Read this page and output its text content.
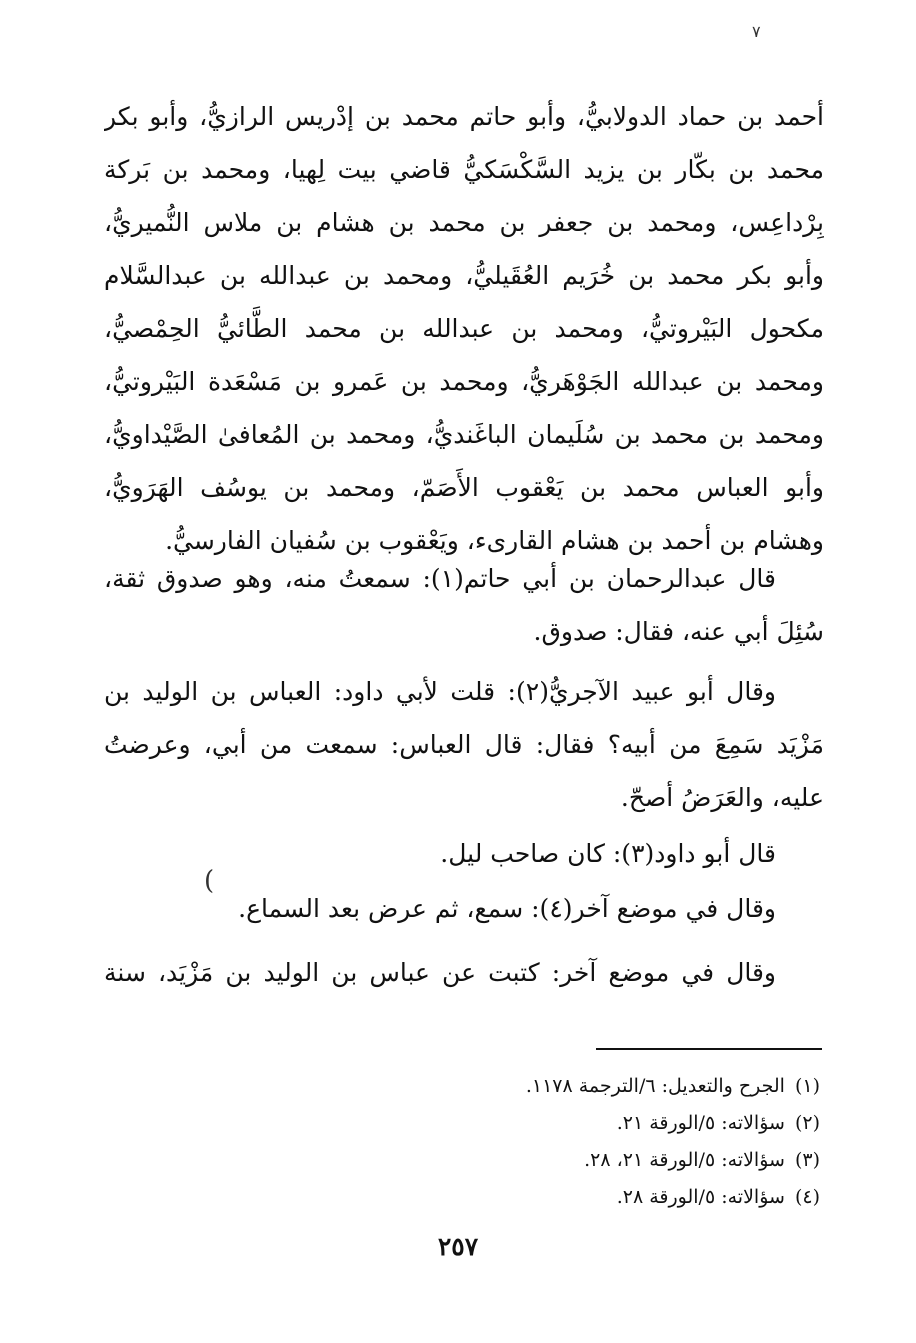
٧
أحمد بن حماد الدولابيُّ، وأبو حاتم محمد بن إدْريس الرازيُّ، وأبو بكر
محمد بن بكّار بن يزيد السَّكْسَكيُّ قاضي بيت لِهيا، ومحمد بن بَركة
بِرْداعِس، ومحمد بن جعفر بن محمد بن هشام بن ملاس النُّميريُّ،
وأبو بكر محمد بن خُرَيم العُقَيليُّ، ومحمد بن عبدالله بن عبدالسَّلام
مكحول البَيْروتيُّ، ومحمد بن عبدالله بن محمد الطَّائيُّ الحِمْصيُّ،
ومحمد بن عبدالله الجَوْهَريُّ، ومحمد بن عَمرو بن مَسْعَدة البَيْروتيُّ،
ومحمد بن محمد بن سُلَيمان الباغَنديُّ، ومحمد بن المُعافىٰ الصَّيْداويُّ،
وأبو العباس محمد بن يَعْقوب الأَصَمّ، ومحمد بن يوسُف الهَرَويُّ،
وهشام بن أحمد بن هشام القارىء، ويَعْقوب بن سُفيان الفارسيُّ.
قال عبدالرحمان بن أبي حاتم(١): سمعتُ منه، وهو صدوق ثقة،
سُئِلَ أبي عنه، فقال: صدوق.
وقال أبو عبيد الآجريُّ(٢): قلت لأبي داود: العباس بن الوليد بن
مَزْيَد سَمِعَ من أبيه؟ فقال: قال العباس: سمعت من أبي، وعرضتُ
عليه، والعَرَضُ أصحّ.
قال أبو داود(٣): كان صاحب ليل.
(
وقال في موضع آخر(٤): سمع، ثم عرض بعد السماع.
وقال في موضع آخر: كتبت عن عباس بن الوليد بن مَزْيَد، سنة
(١)الجرح والتعديل: ٦/الترجمة ١١٧٨.
(٢)سؤالاته: ٥/الورقة ٢١.
(٣)سؤالاته: ٥/الورقة ٢١، ٢٨.
(٤)سؤالاته: ٥/الورقة ٢٨.
٢٥٧
